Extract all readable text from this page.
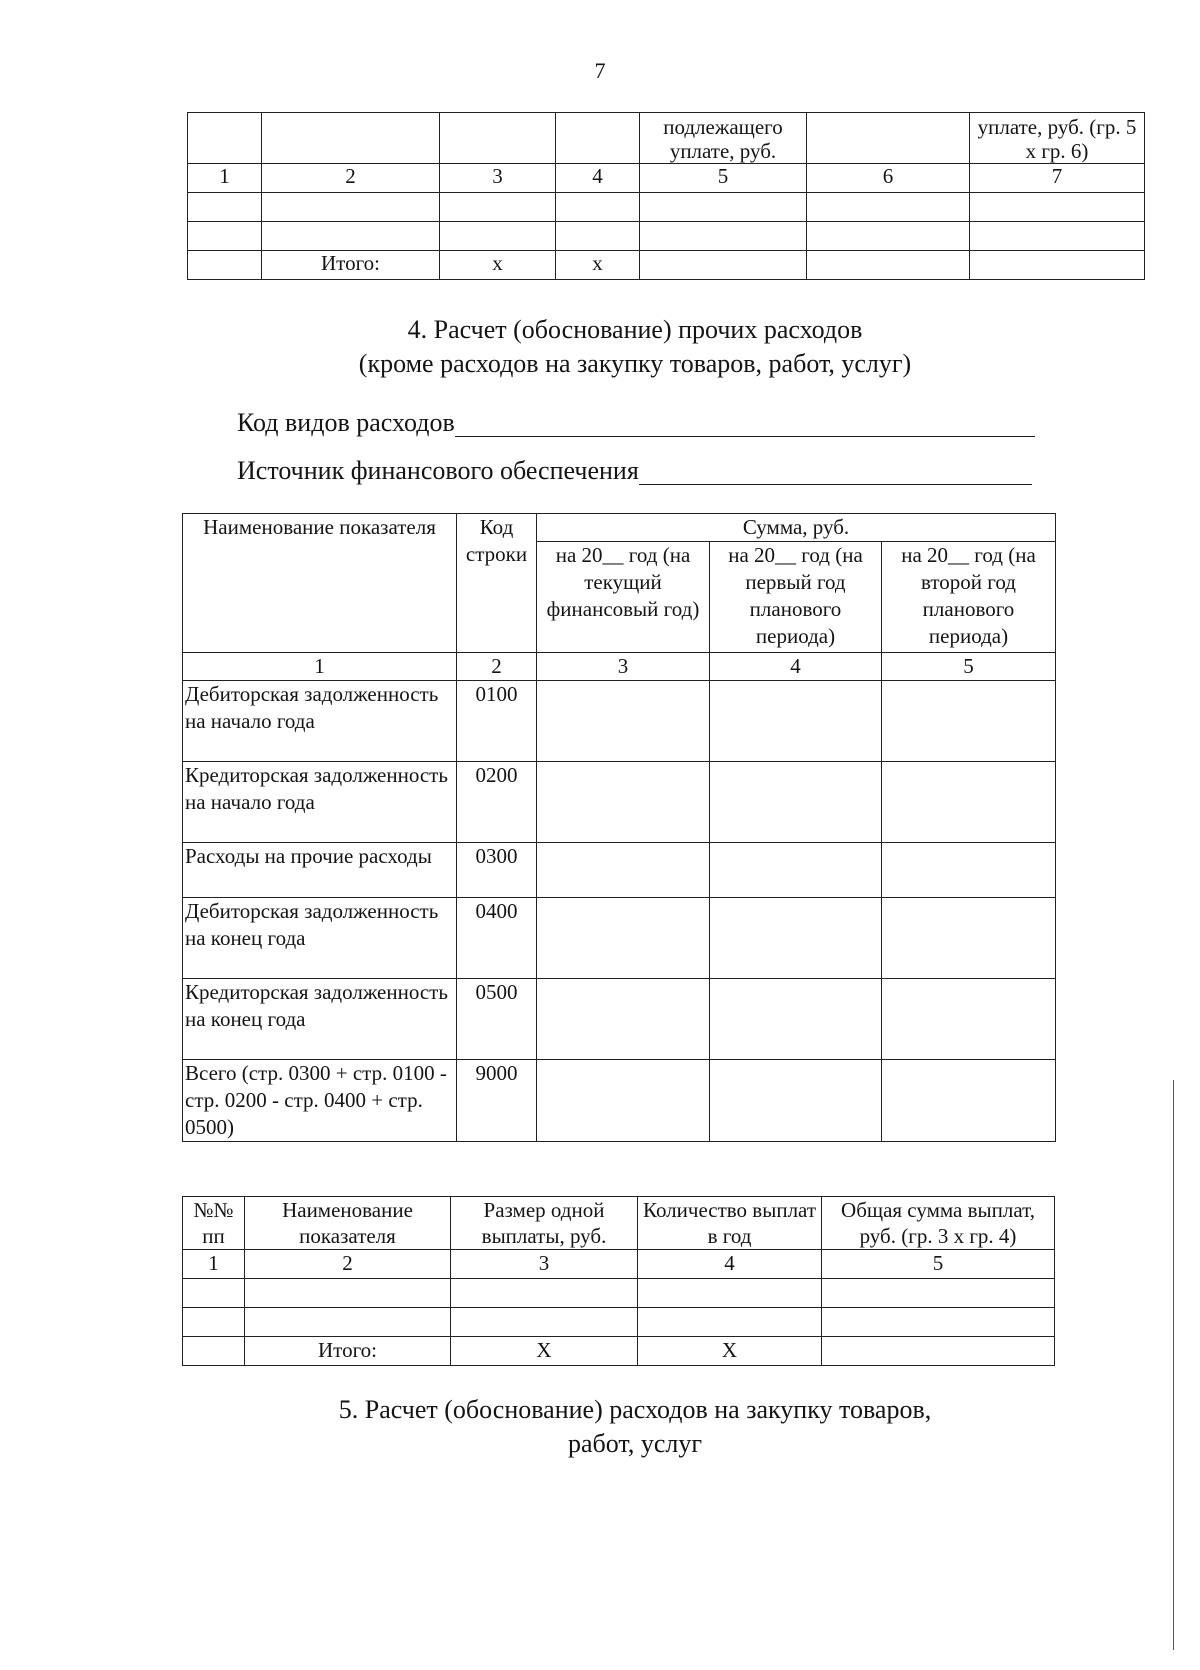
7
				подлежащего уплате, руб.		уплате, руб. (гр. 5 x гр. 6)
1	2	3	4	5	6	7

	Итого:	x	x			
4. Расчет (обоснование) прочих расходов
(кроме расходов на закупку товаров, работ, услуг)
Код видов расходов
Источник финансового обеспечения
Наименование показателя	Код строки	Сумма, руб.		
		на 20__ год (на текущий финансовый год)	на 20__ год (на первый год планового периода)	на 20__ год (на второй год планового периода)
1	2	3	4	5
Дебиторская задолженность на начало года	0100			
Кредиторская задолженность на начало года	0200			
Расходы на прочие расходы	0300			
Дебиторская задолженность на конец года	0400			
Кредиторская задолженность на конец года	0500			
Всего (стр. 0300 + стр. 0100 - стр. 0200 - стр. 0400 + стр. 0500)	9000			
№№ пп	Наименование показателя	Размер одной выплаты, руб.	Количество выплат в год	Общая сумма выплат, руб. (гр. 3 x гр. 4)
1	2	3	4	5

	Итого:	X	X	
5. Расчет (обоснование) расходов на закупку товаров,
работ, услуг
